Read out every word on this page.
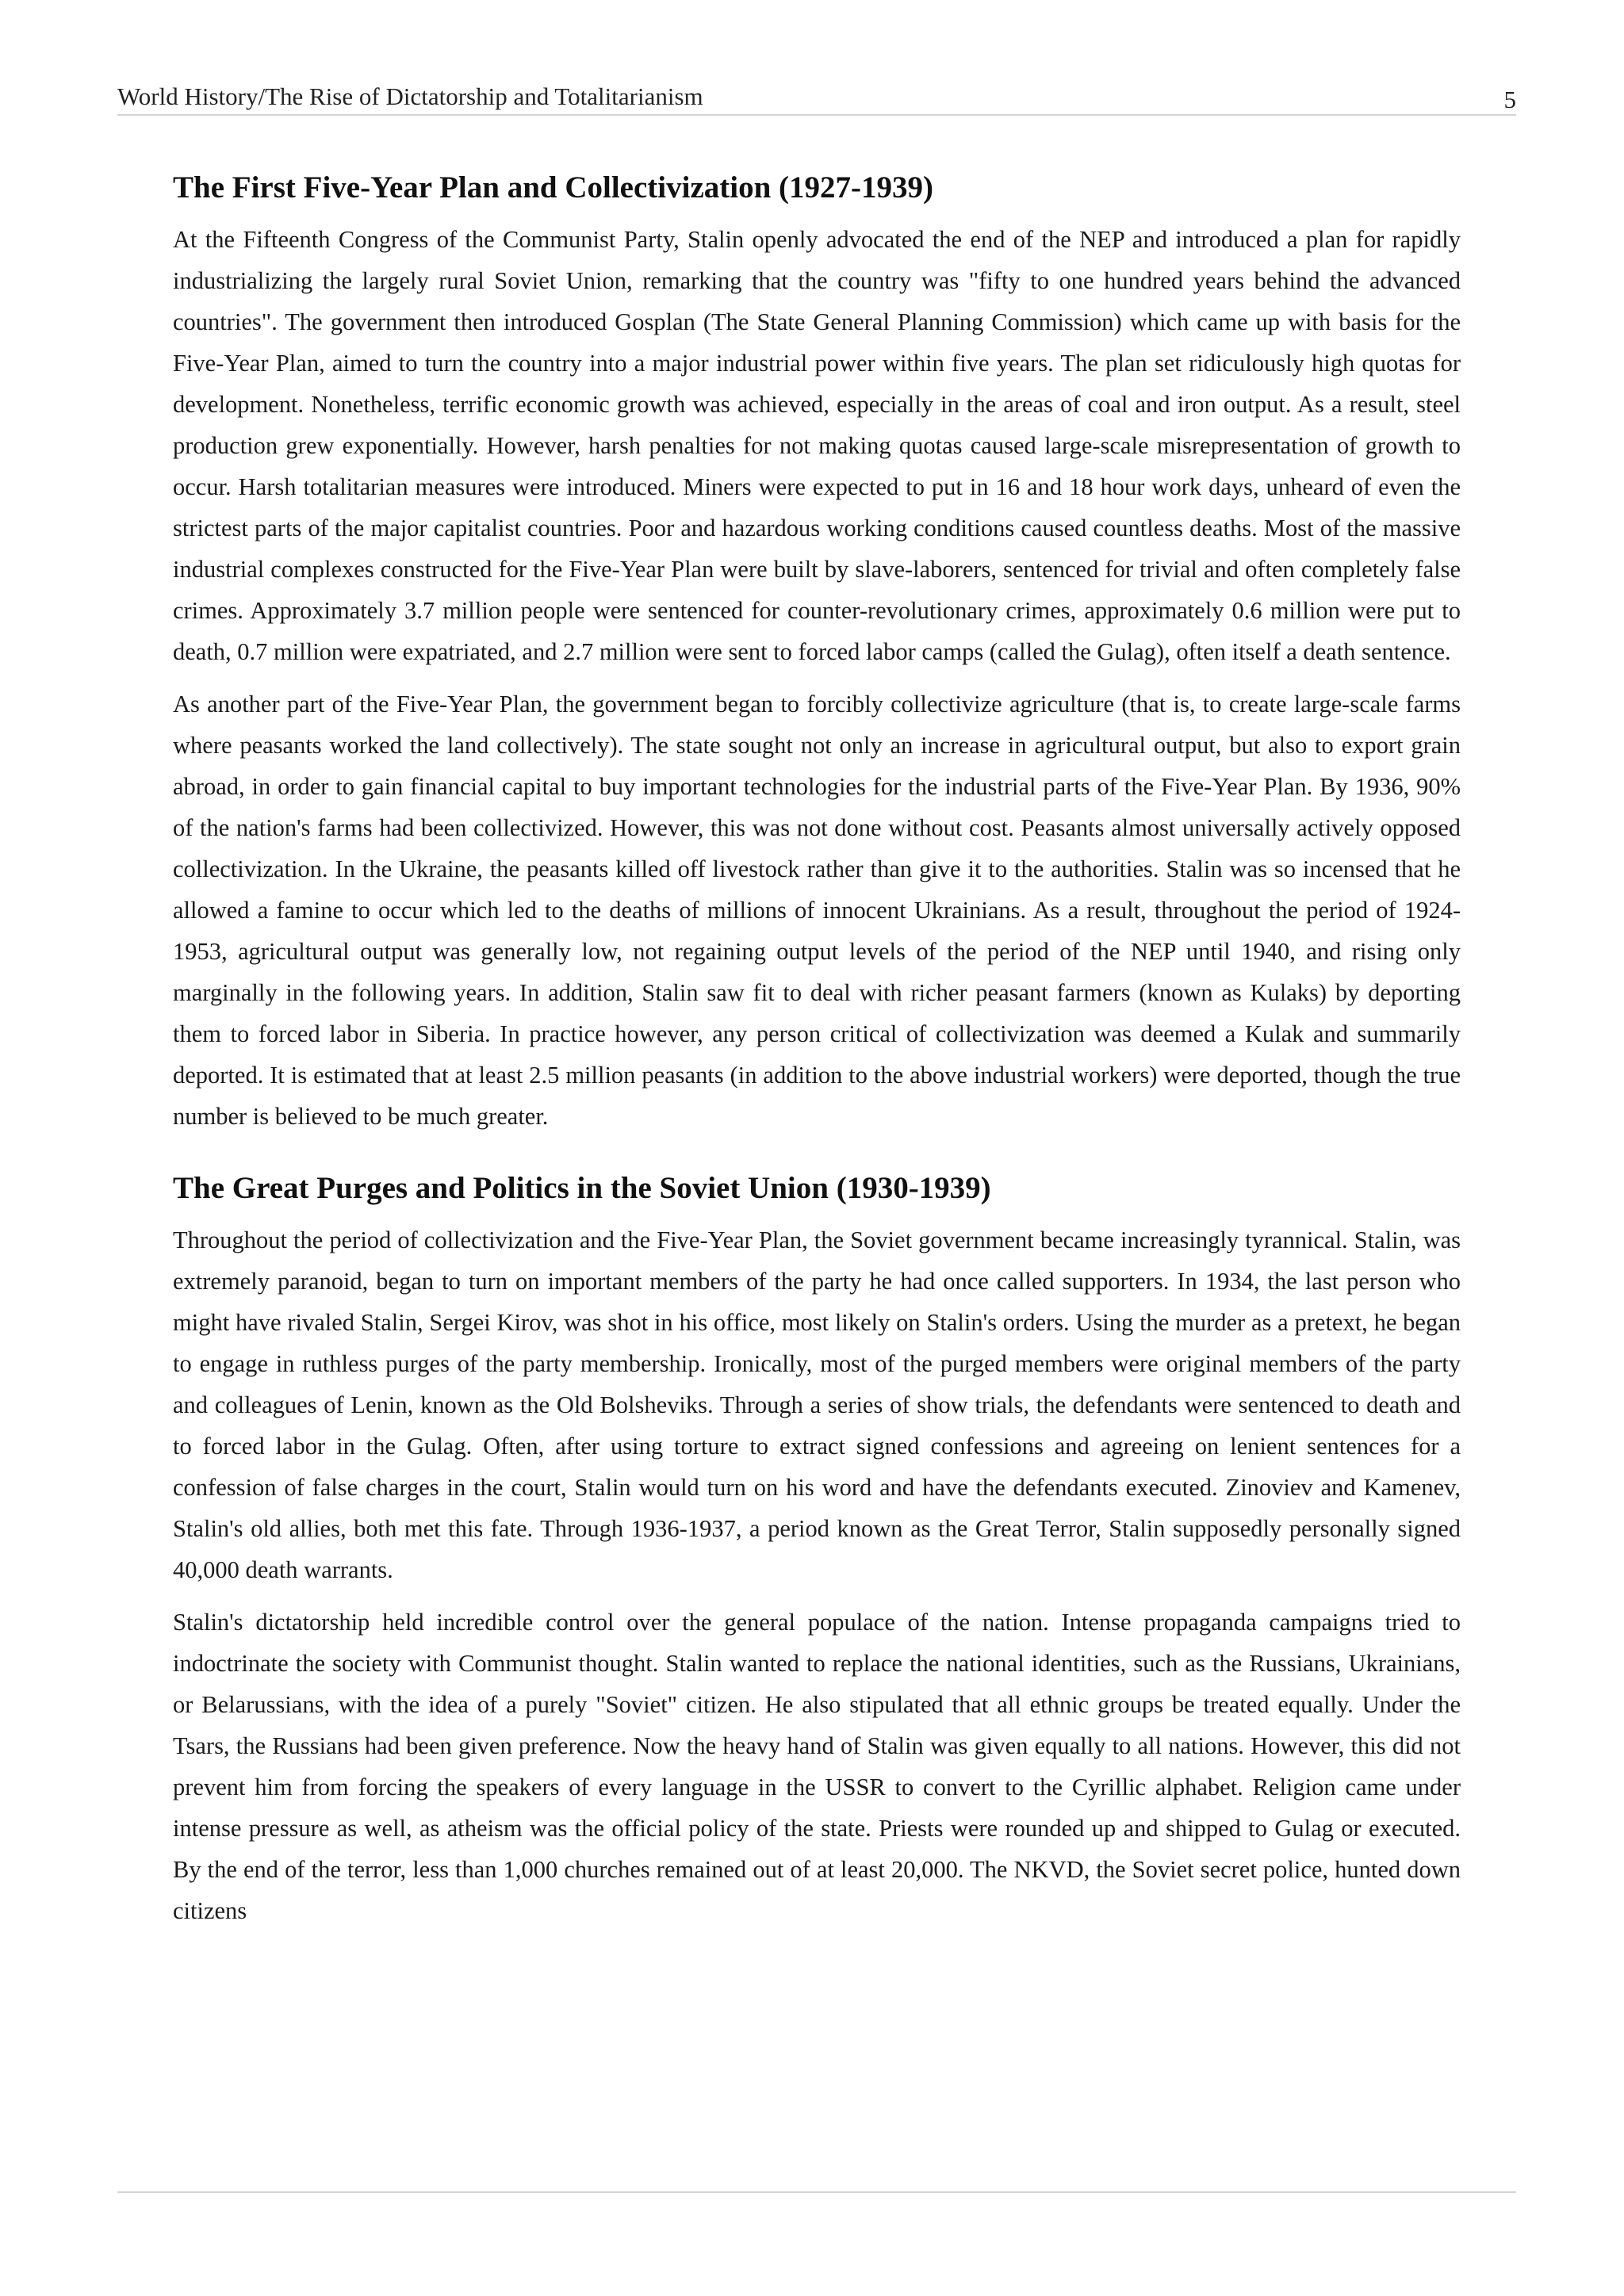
World History/The Rise of Dictatorship and Totalitarianism	5
The First Five-Year Plan and Collectivization (1927-1939)

At the Fifteenth Congress of the Communist Party, Stalin openly advocated the end of the NEP and introduced a plan for rapidly industrializing the largely rural Soviet Union, remarking that the country was "fifty to one hundred years behind the advanced countries". The government then introduced Gosplan (The State General Planning Commission) which came up with basis for the Five-Year Plan, aimed to turn the country into a major industrial power within five years. The plan set ridiculously high quotas for development. Nonetheless, terrific economic growth was achieved, especially in the areas of coal and iron output. As a result, steel production grew exponentially. However, harsh penalties for not making quotas caused large-scale misrepresentation of growth to occur. Harsh totalitarian measures were introduced. Miners were expected to put in 16 and 18 hour work days, unheard of even the strictest parts of the major capitalist countries. Poor and hazardous working conditions caused countless deaths. Most of the massive industrial complexes constructed for the Five-Year Plan were built by slave-laborers, sentenced for trivial and often completely false crimes. Approximately 3.7 million people were sentenced for counter-revolutionary crimes, approximately 0.6 million were put to death, 0.7 million were expatriated, and 2.7 million were sent to forced labor camps (called the Gulag), often itself a death sentence.

As another part of the Five-Year Plan, the government began to forcibly collectivize agriculture (that is, to create large-scale farms where peasants worked the land collectively). The state sought not only an increase in agricultural output, but also to export grain abroad, in order to gain financial capital to buy important technologies for the industrial parts of the Five-Year Plan. By 1936, 90% of the nation's farms had been collectivized. However, this was not done without cost. Peasants almost universally actively opposed collectivization. In the Ukraine, the peasants killed off livestock rather than give it to the authorities. Stalin was so incensed that he allowed a famine to occur which led to the deaths of millions of innocent Ukrainians. As a result, throughout the period of 1924-1953, agricultural output was generally low, not regaining output levels of the period of the NEP until 1940, and rising only marginally in the following years. In addition, Stalin saw fit to deal with richer peasant farmers (known as Kulaks) by deporting them to forced labor in Siberia. In practice however, any person critical of collectivization was deemed a Kulak and summarily deported. It is estimated that at least 2.5 million peasants (in addition to the above industrial workers) were deported, though the true number is believed to be much greater.

The Great Purges and Politics in the Soviet Union (1930-1939)

Throughout the period of collectivization and the Five-Year Plan, the Soviet government became increasingly tyrannical. Stalin, was extremely paranoid, began to turn on important members of the party he had once called supporters. In 1934, the last person who might have rivaled Stalin, Sergei Kirov, was shot in his office, most likely on Stalin's orders. Using the murder as a pretext, he began to engage in ruthless purges of the party membership. Ironically, most of the purged members were original members of the party and colleagues of Lenin, known as the Old Bolsheviks. Through a series of show trials, the defendants were sentenced to death and to forced labor in the Gulag. Often, after using torture to extract signed confessions and agreeing on lenient sentences for a confession of false charges in the court, Stalin would turn on his word and have the defendants executed. Zinoviev and Kamenev, Stalin's old allies, both met this fate. Through 1936-1937, a period known as the Great Terror, Stalin supposedly personally signed 40,000 death warrants.

Stalin's dictatorship held incredible control over the general populace of the nation. Intense propaganda campaigns tried to indoctrinate the society with Communist thought. Stalin wanted to replace the national identities, such as the Russians, Ukrainians, or Belarussians, with the idea of a purely "Soviet" citizen. He also stipulated that all ethnic groups be treated equally. Under the Tsars, the Russians had been given preference. Now the heavy hand of Stalin was given equally to all nations. However, this did not prevent him from forcing the speakers of every language in the USSR to convert to the Cyrillic alphabet. Religion came under intense pressure as well, as atheism was the official policy of the state. Priests were rounded up and shipped to Gulag or executed. By the end of the terror, less than 1,000 churches remained out of at least 20,000. The NKVD, the Soviet secret police, hunted down citizens
